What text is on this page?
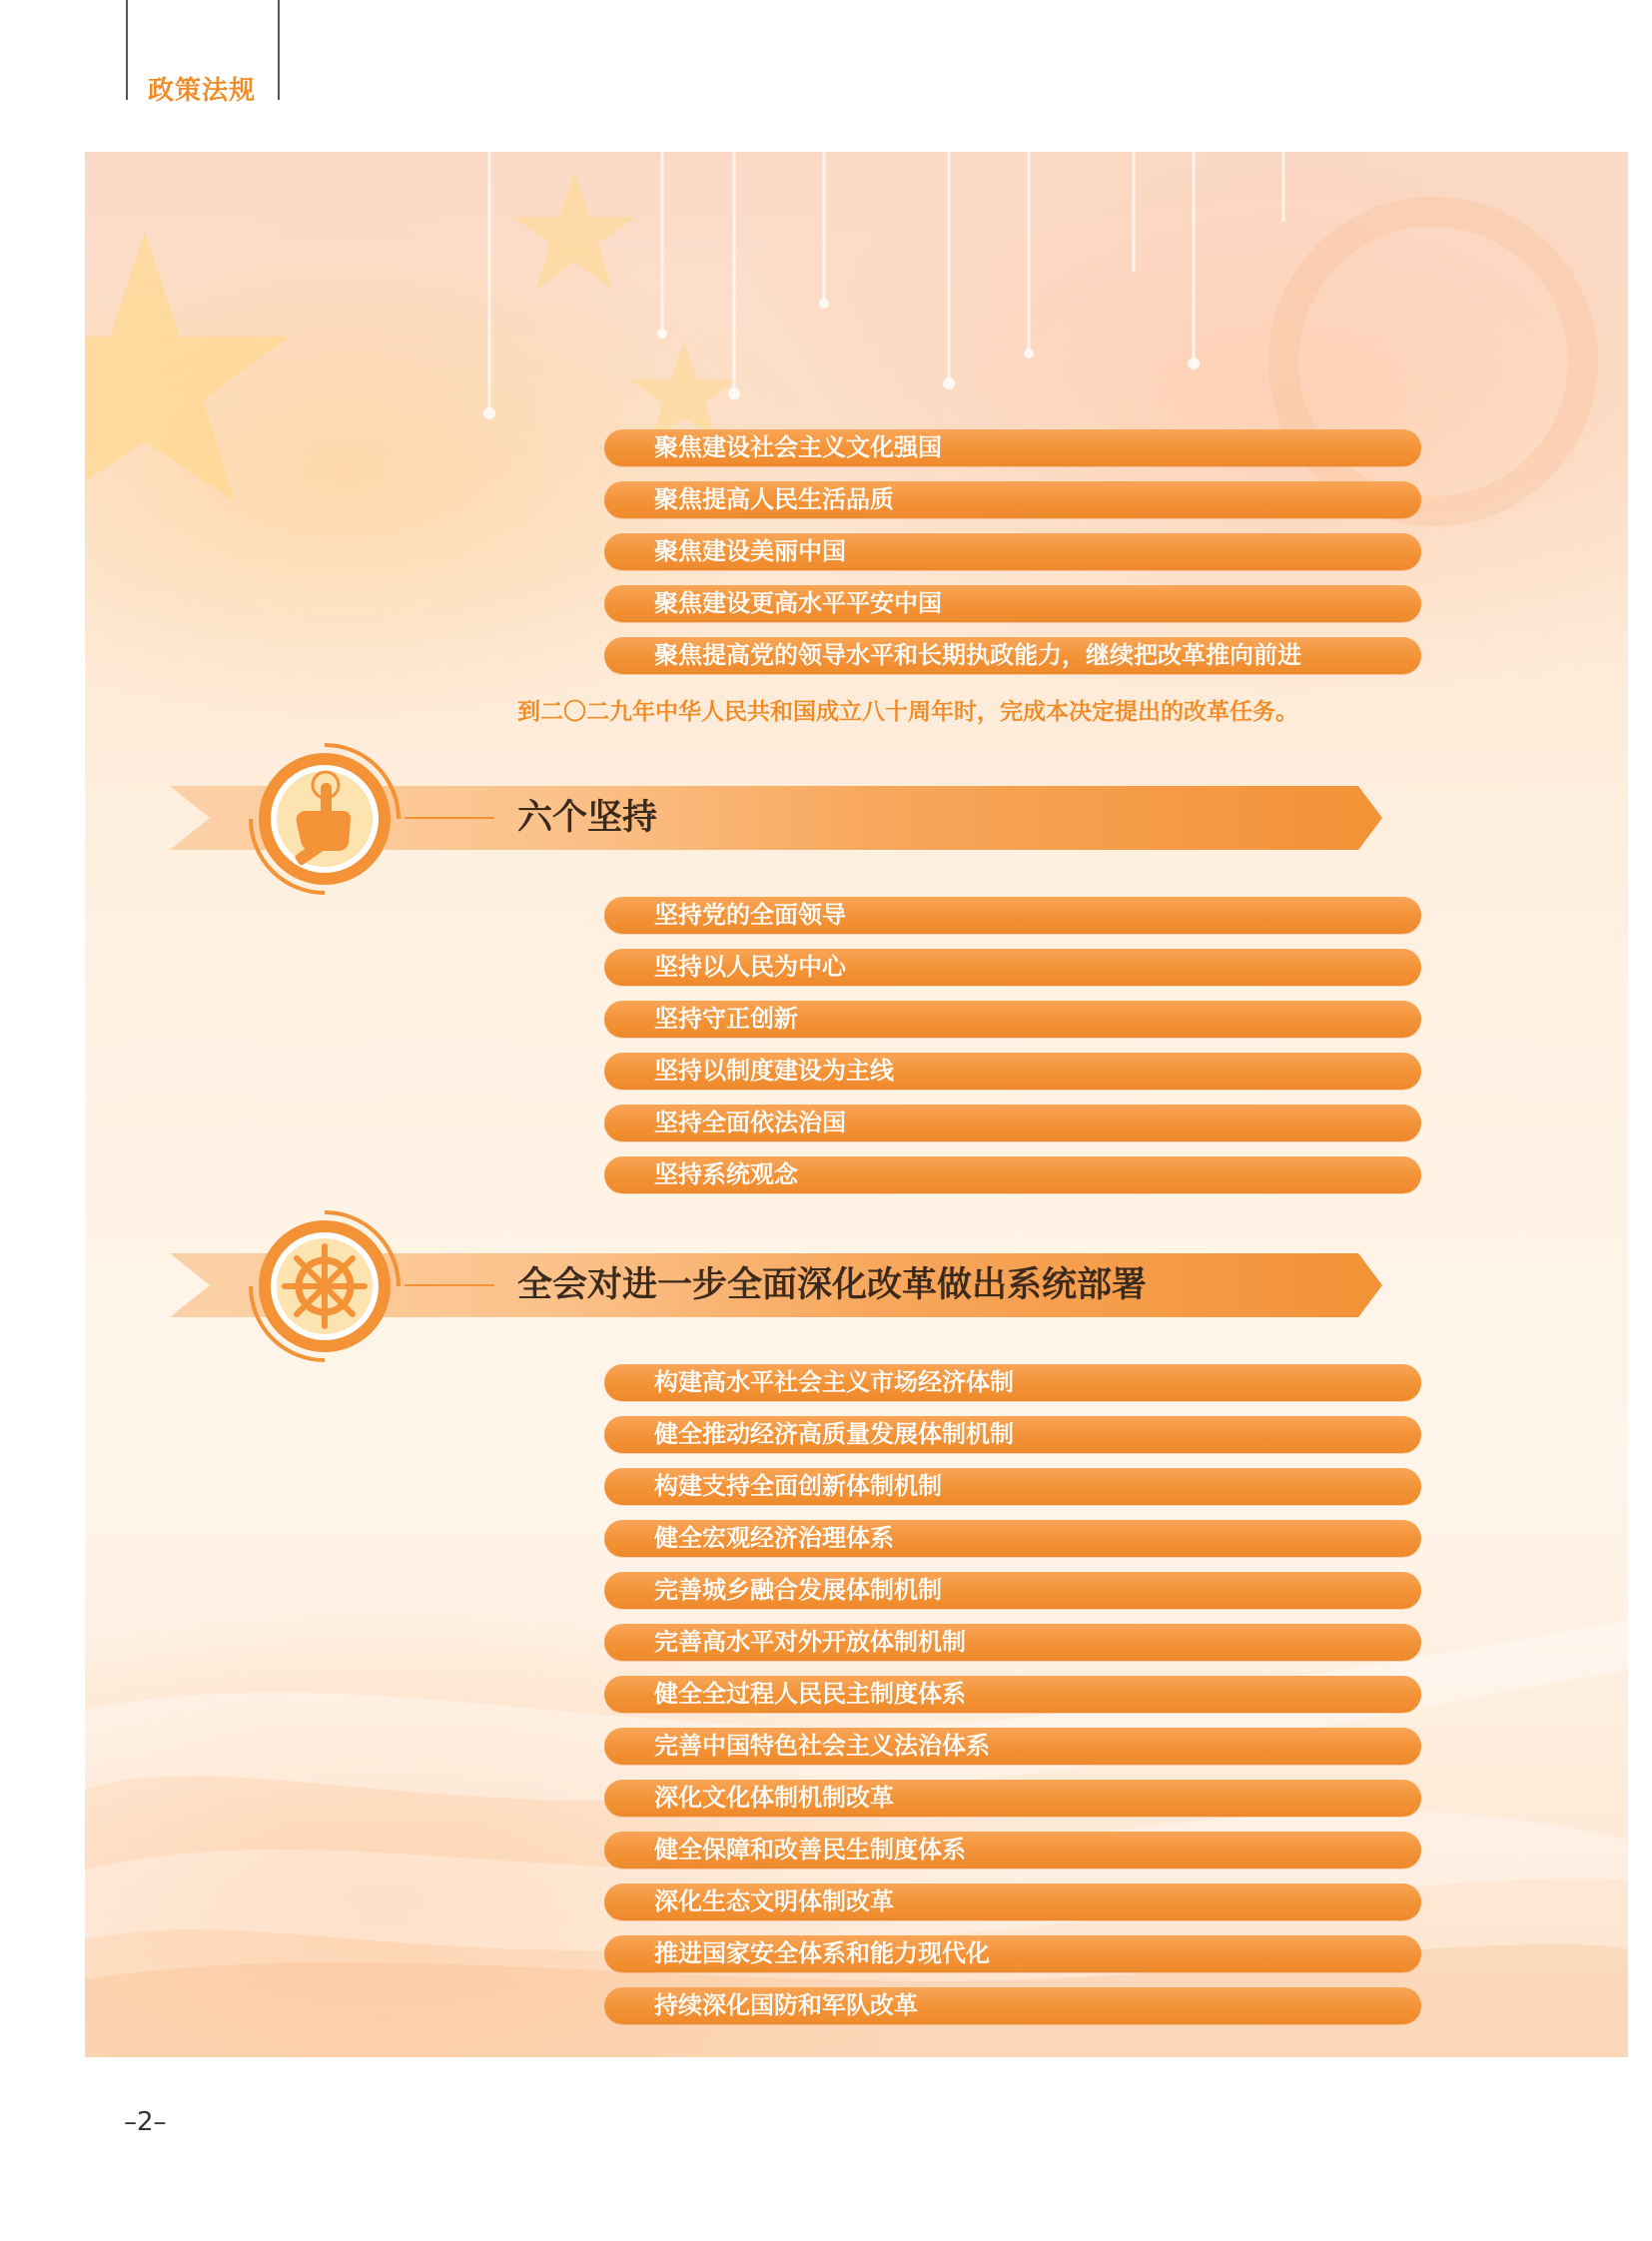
政策法规
聚焦建设社会主义文化强国
聚焦提高人民生活品质
聚焦建设美丽中国
聚焦建设更高水平平安中国
聚焦提高党的领导水平和长期执政能力，继续把改革推向前进
到二〇二九年中华人民共和国成立八十周年时，完成本决定提出的改革任务。
六个坚持
坚持党的全面领导
坚持以人民为中心
坚持守正创新
坚持以制度建设为主线
坚持全面依法治国
坚持系统观念
全会对进一步全面深化改革做出系统部署
构建高水平社会主义市场经济体制
健全推动经济高质量发展体制机制
构建支持全面创新体制机制
健全宏观经济治理体系
完善城乡融合发展体制机制
完善高水平对外开放体制机制
健全全过程人民民主制度体系
完善中国特色社会主义法治体系
深化文化体制机制改革
健全保障和改善民生制度体系
深化生态文明体制改革
推进国家安全体系和能力现代化
持续深化国防和军队改革
–2–
